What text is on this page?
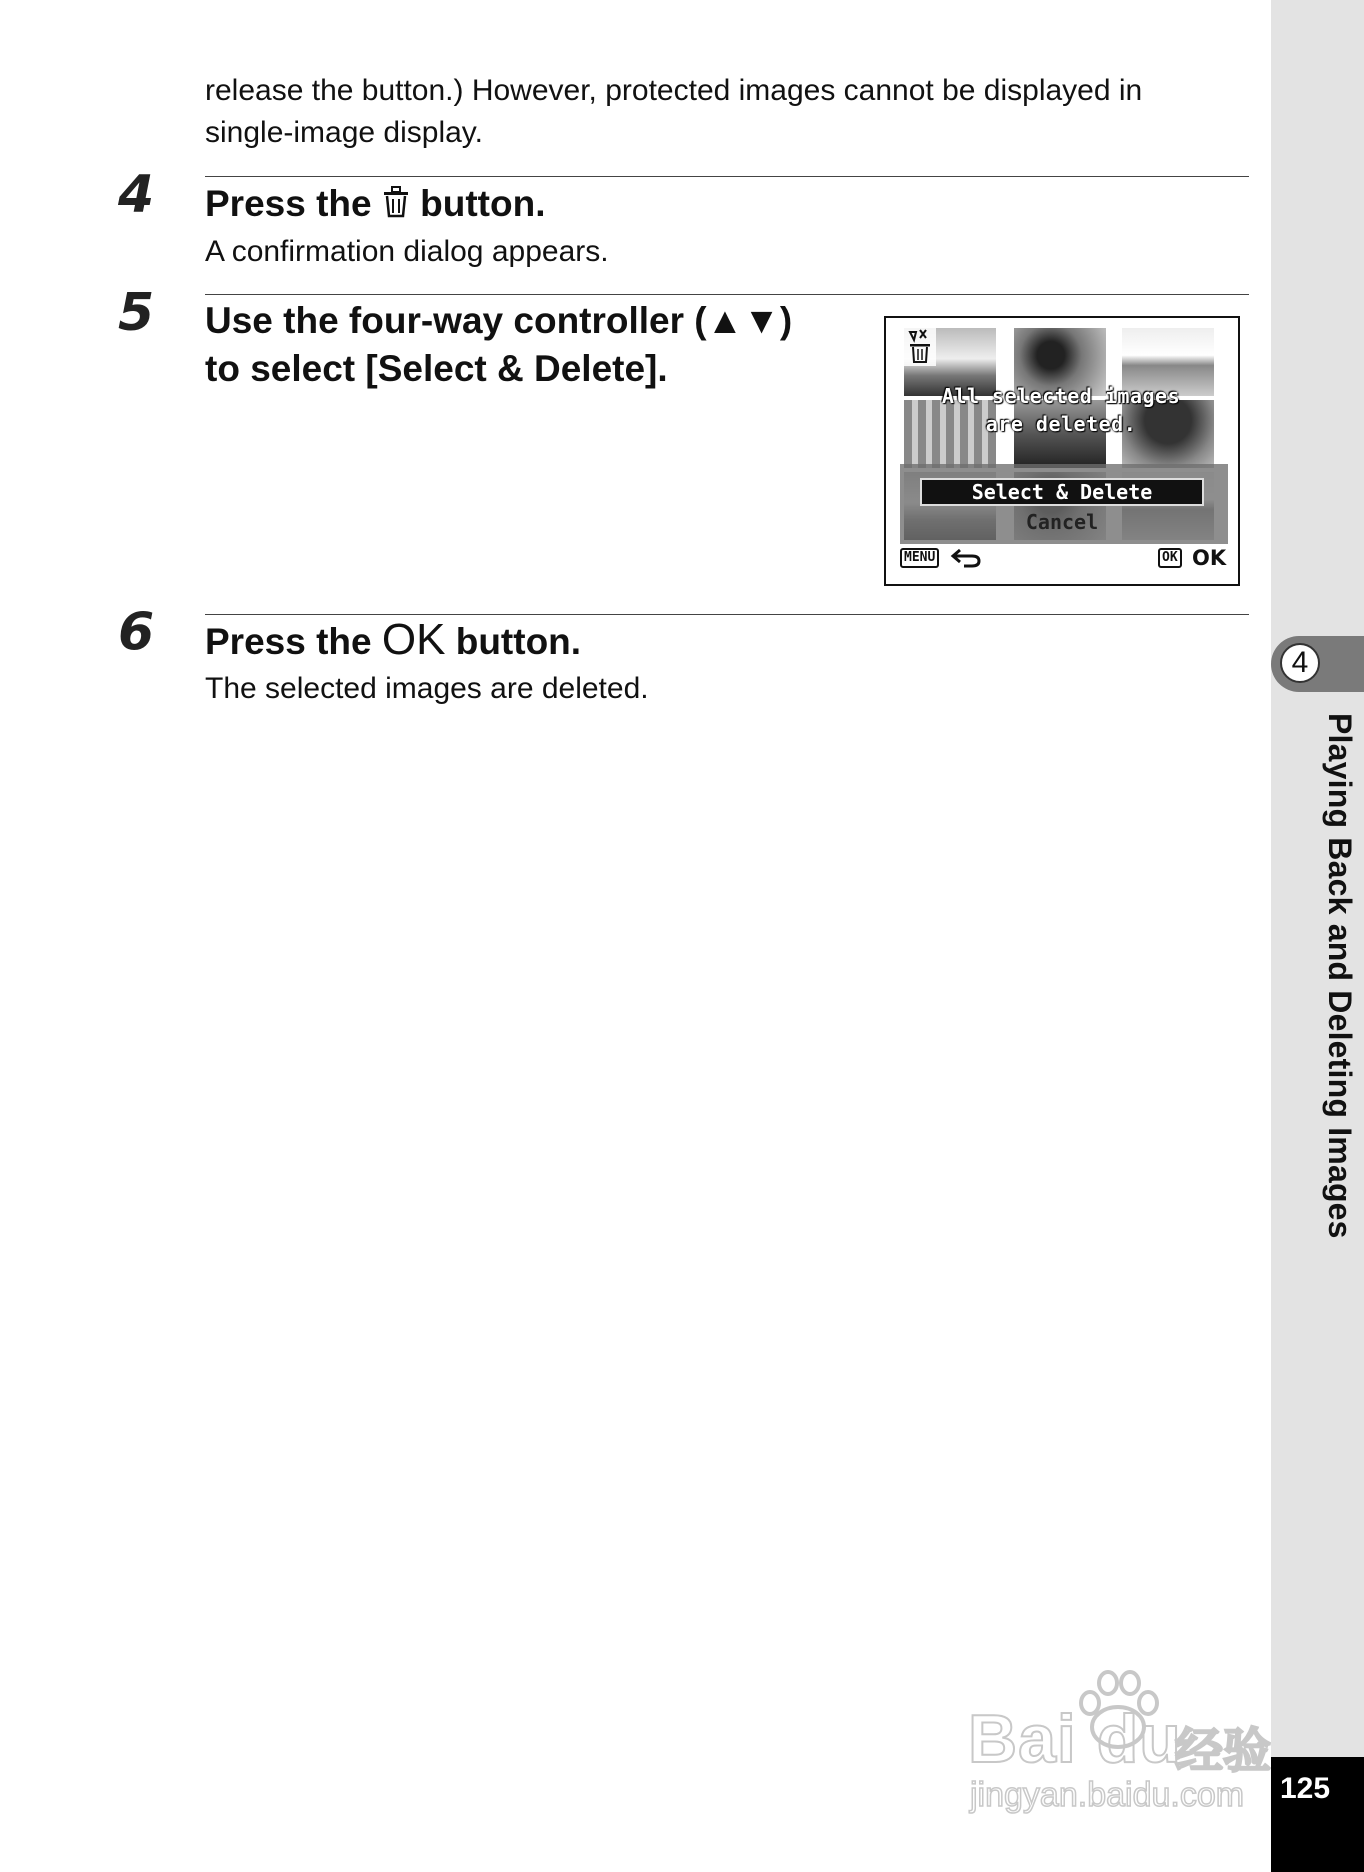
4
Playing Back and Deleting Images
125
release the button.) However, protected images cannot be displayed in
single-image display.
4 Press the button.
A confirmation dialog appears.
5 Use the four-way controller (▲▼)
to select [Select & Delete].
All selected images
are deleted.
Select & Delete
Cancel
MENU	OK OK
6 Press the OK button.
The selected images are deleted.
Bai du
经验
jingyan.baidu.com
